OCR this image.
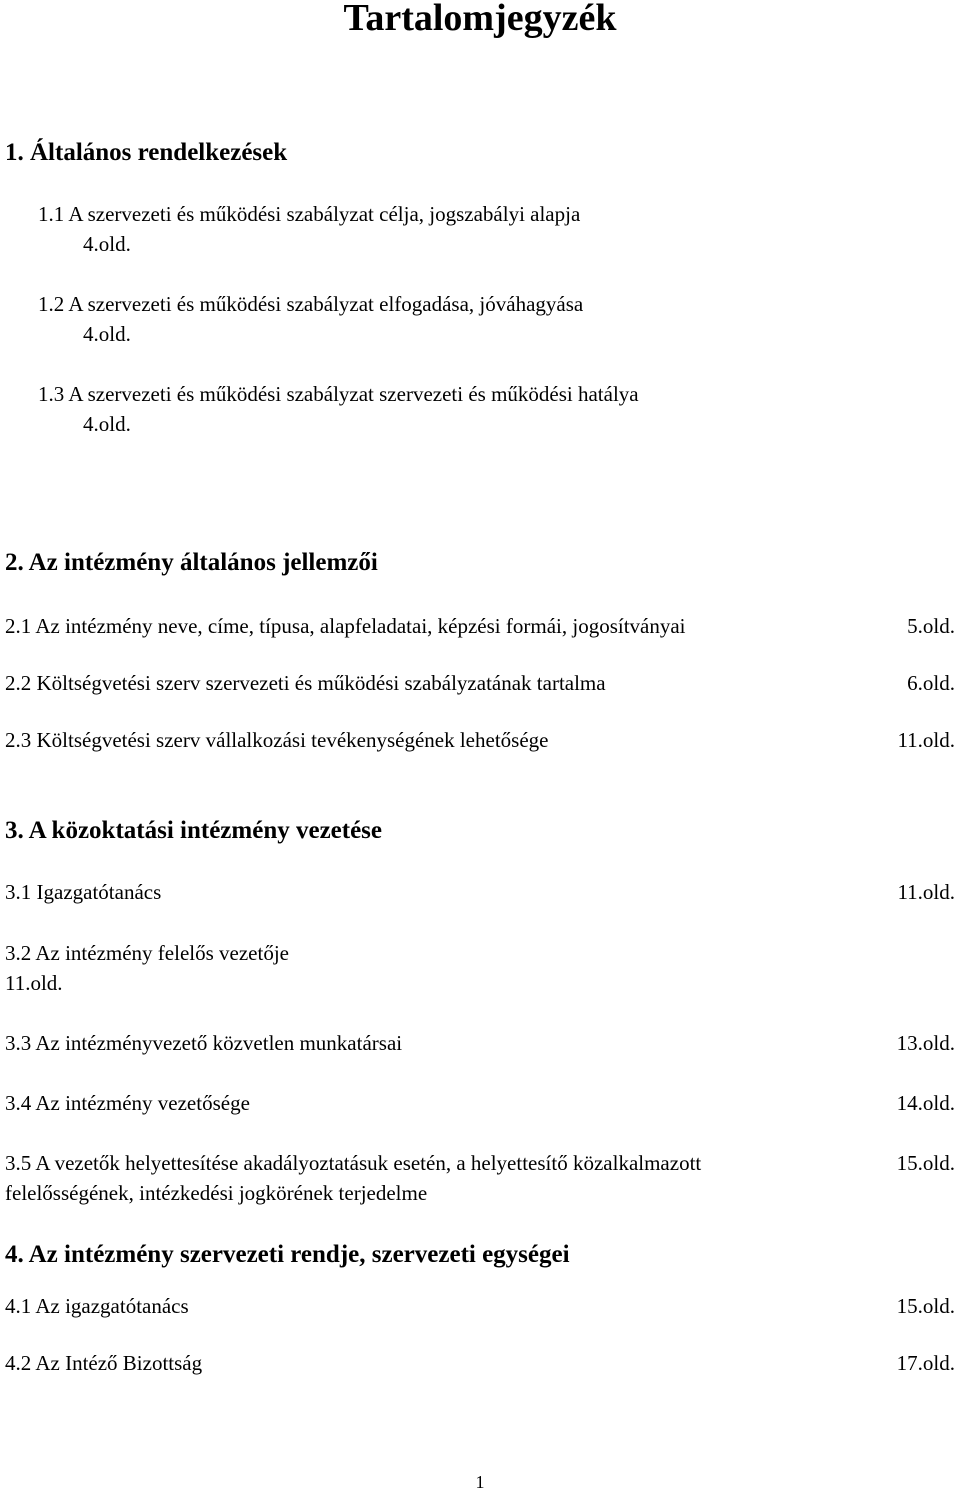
Tartalomjegyzék
1. Általános rendelkezések
1.1 A szervezeti és működési szabályzat célja, jogszabályi alapja
4.old.
1.2 A szervezeti és működési szabályzat elfogadása, jóváhagyása
4.old.
1.3 A szervezeti és működési szabályzat szervezeti és működési hatálya
4.old.
2. Az intézmény általános jellemzői
2.1 Az intézmény neve, címe, típusa, alapfeladatai, képzési formái, jogosítványai	5.old.
2.2 Költségvetési szerv szervezeti és működési szabályzatának tartalma	6.old.
2.3 Költségvetési szerv vállalkozási tevékenységének lehetősége	11.old.
3. A közoktatási intézmény vezetése
3.1 Igazgatótanács	11.old.
3.2 Az intézmény felelős vezetője
11.old.
3.3 Az intézményvezető közvetlen munkatársai	13.old.
3.4 Az intézmény vezetősége	14.old.
3.5 A vezetők helyettesítése akadályoztatásuk esetén, a helyettesítő közalkalmazott	15.old.
felelősségének, intézkedési jogkörének terjedelme
4. Az intézmény szervezeti rendje, szervezeti egységei
4.1 Az igazgatótanács	15.old.
4.2 Az Intéző Bizottság	17.old.
1
